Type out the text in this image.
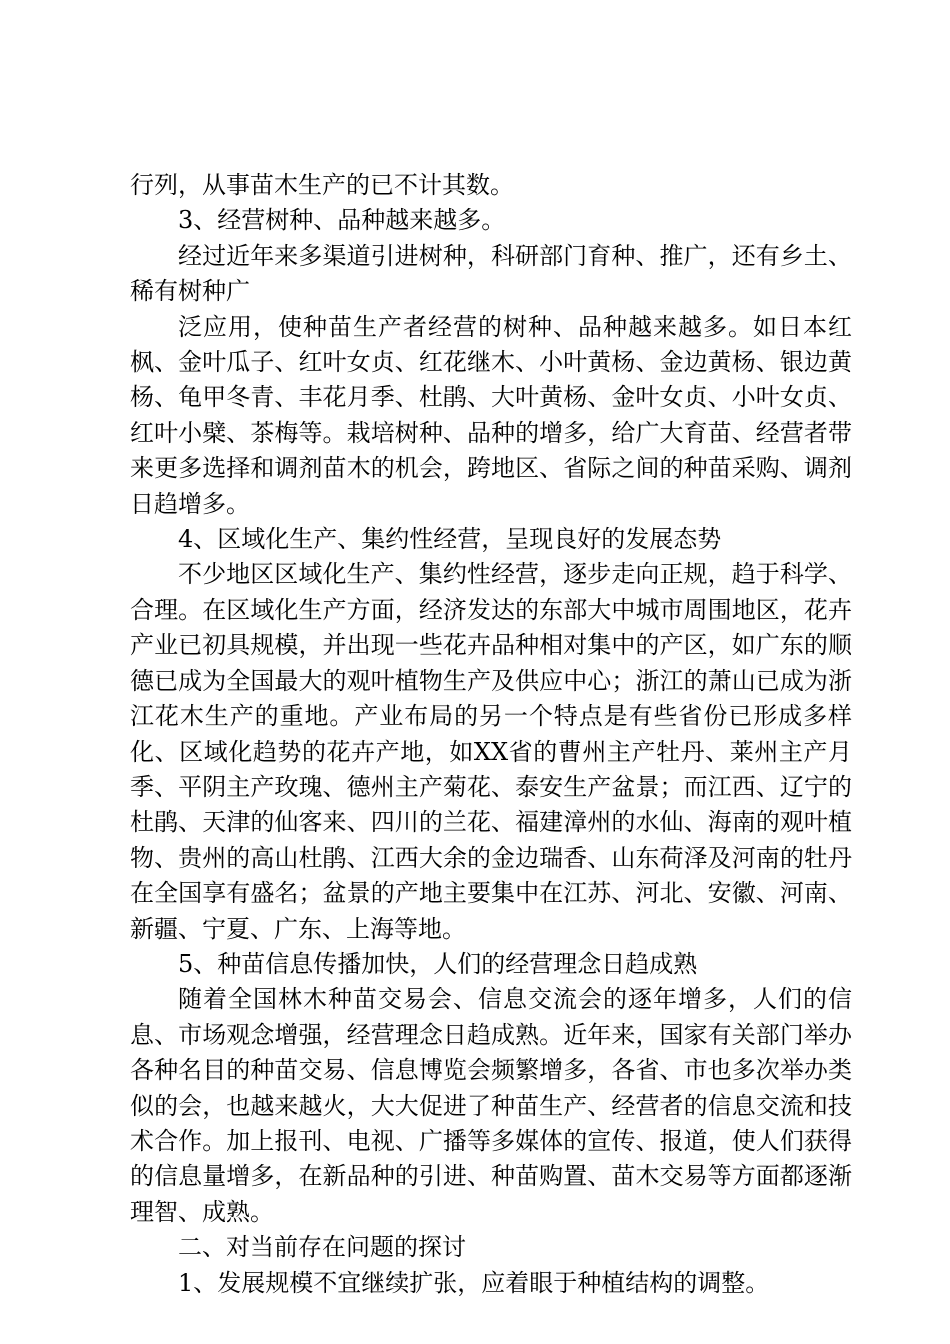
行列，从事苗木生产的已不计其数。

3、经营树种、品种越来越多。

经过近年来多渠道引进树种，科研部门育种、推广，还有乡土、稀有树种广

泛应用，使种苗生产者经营的树种、品种越来越多。如日本红枫、金叶瓜子、红叶女贞、红花继木、小叶黄杨、金边黄杨、银边黄杨、龟甲冬青、丰花月季、杜鹃、大叶黄杨、金叶女贞、小叶女贞、红叶小檗、茶梅等。栽培树种、品种的增多，给广大育苗、经营者带来更多选择和调剂苗木的机会，跨地区、省际之间的种苗采购、调剂日趋增多。

4、区域化生产、集约性经营，呈现良好的发展态势

不少地区区域化生产、集约性经营，逐步走向正规，趋于科学、合理。在区域化生产方面，经济发达的东部大中城市周围地区，花卉产业已初具规模，并出现一些花卉品种相对集中的产区，如广东的顺德已成为全国最大的观叶植物生产及供应中心；浙江的萧山已成为浙江花木生产的重地。产业布局的另一个特点是有些省份已形成多样化、区域化趋势的花卉产地，如XX省的曹州主产牡丹、莱州主产月季、平阴主产玫瑰、德州主产菊花、泰安生产盆景；而江西、辽宁的杜鹃、天津的仙客来、四川的兰花、福建漳州的水仙、海南的观叶植物、贵州的高山杜鹃、江西大余的金边瑞香、山东荷泽及河南的牡丹在全国享有盛名；盆景的产地主要集中在江苏、河北、安徽、河南、新疆、宁夏、广东、上海等地。

5、种苗信息传播加快，人们的经营理念日趋成熟

随着全国林木种苗交易会、信息交流会的逐年增多，人们的信息、市场观念增强，经营理念日趋成熟。近年来，国家有关部门举办各种名目的种苗交易、信息博览会频繁增多，各省、市也多次举办类似的会，也越来越火，大大促进了种苗生产、经营者的信息交流和技术合作。加上报刊、电视、广播等多媒体的宣传、报道，使人们获得的信息量增多，在新品种的引进、种苗购置、苗木交易等方面都逐渐理智、成熟。

二、对当前存在问题的探讨

1、发展规模不宜继续扩张，应着眼于种植结构的调整。
